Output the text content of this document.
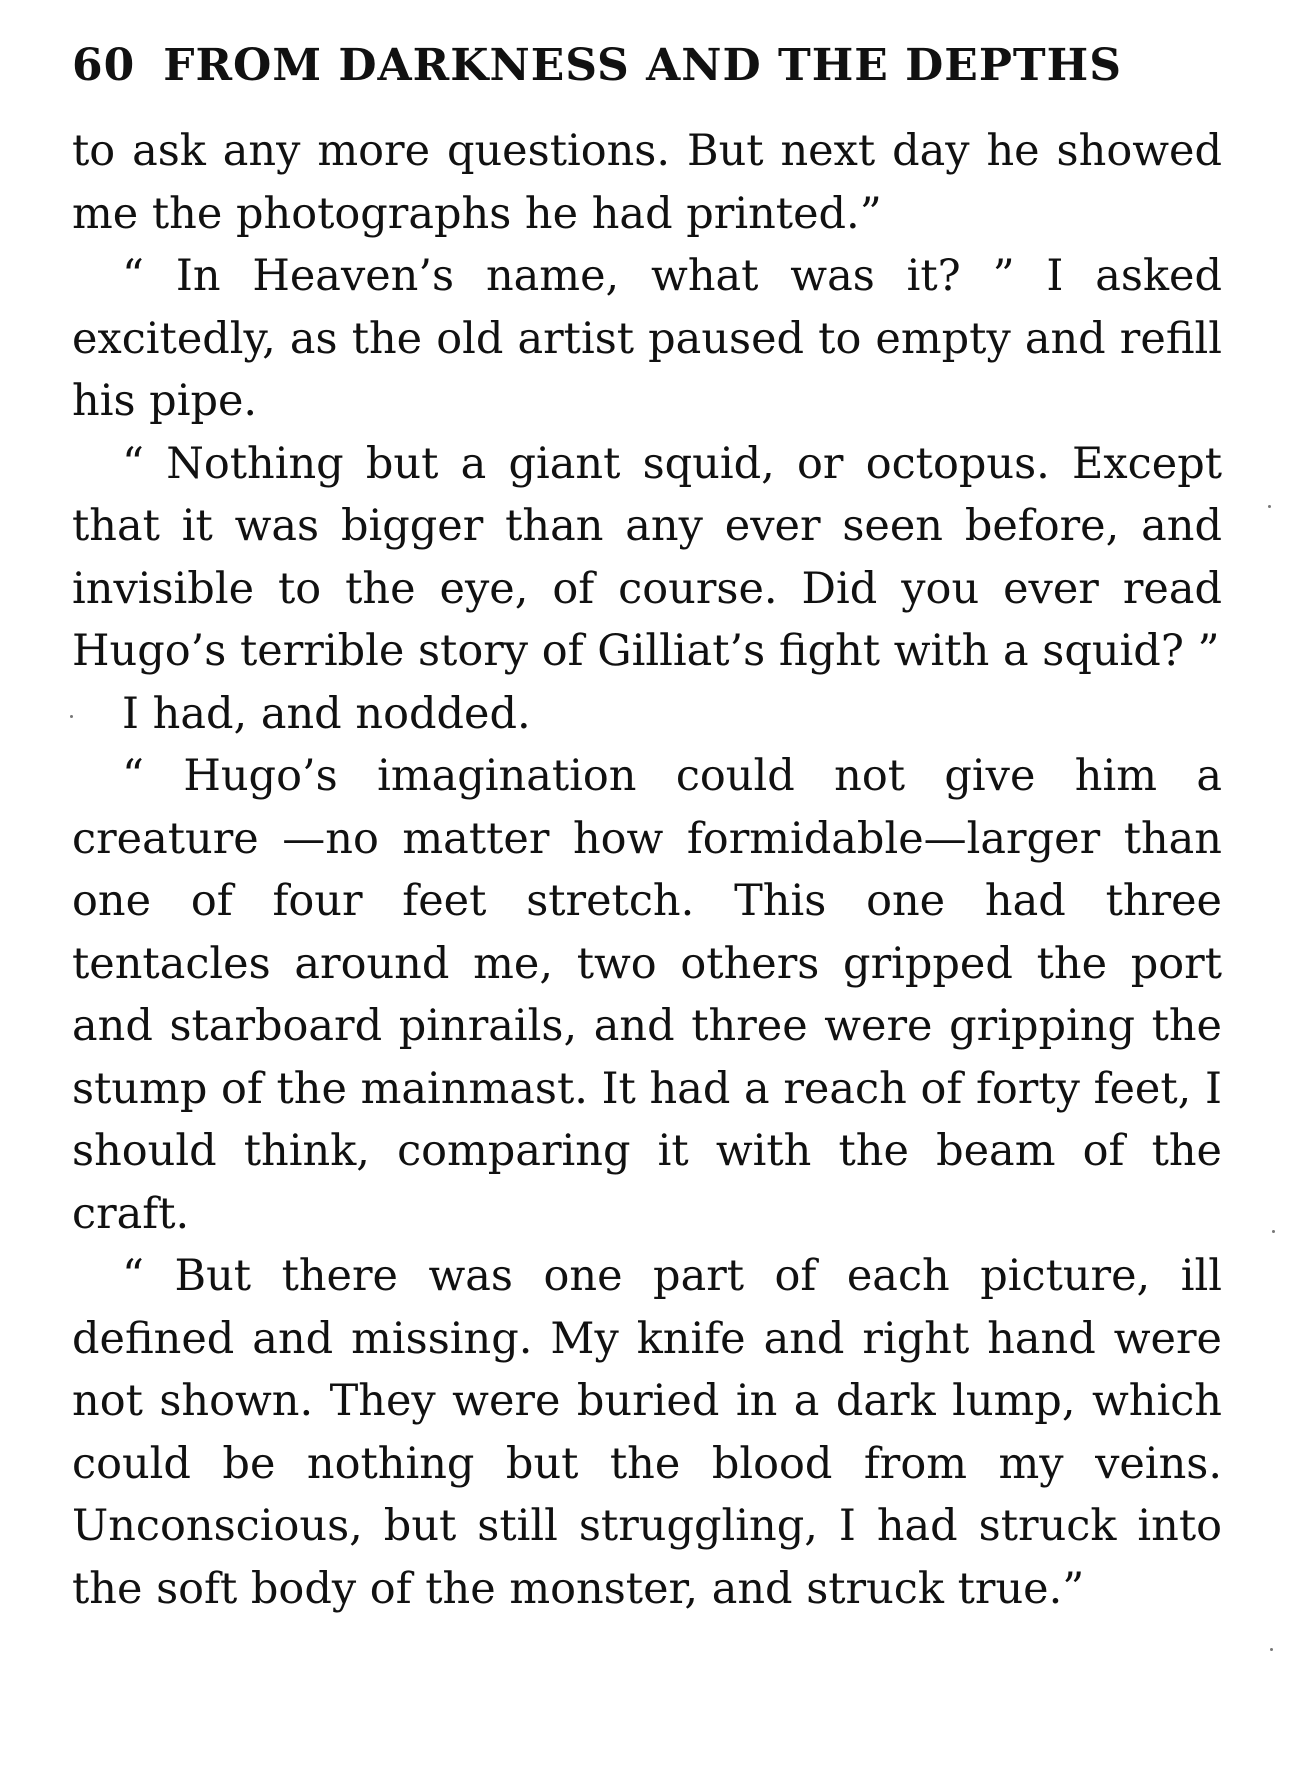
60 FROM DARKNESS AND THE DEPTHS

to ask any more questions. But next day he showed me the photographs he had printed.”

“ In Heaven’s name, what was it? ” I asked excitedly, as the old artist paused to empty and refill his pipe.

“ Nothing but a giant squid, or octopus. Except that it was bigger than any ever seen before, and invisible to the eye, of course. Did you ever read Hugo’s terrible story of Gilliat’s fight with a squid? ”

I had, and nodded.

“ Hugo’s imagination could not give him a creature —no matter how formidable—larger than one of four feet stretch. This one had three tentacles around me, two others gripped the port and starboard pinrails, and three were gripping the stump of the mainmast. It had a reach of forty feet, I should think, comparing it with the beam of the craft.

“ But there was one part of each picture, ill defined and missing. My knife and right hand were not shown. They were buried in a dark lump, which could be nothing but the blood from my veins. Unconscious, but still struggling, I had struck into the soft body of the monster, and struck true.”
